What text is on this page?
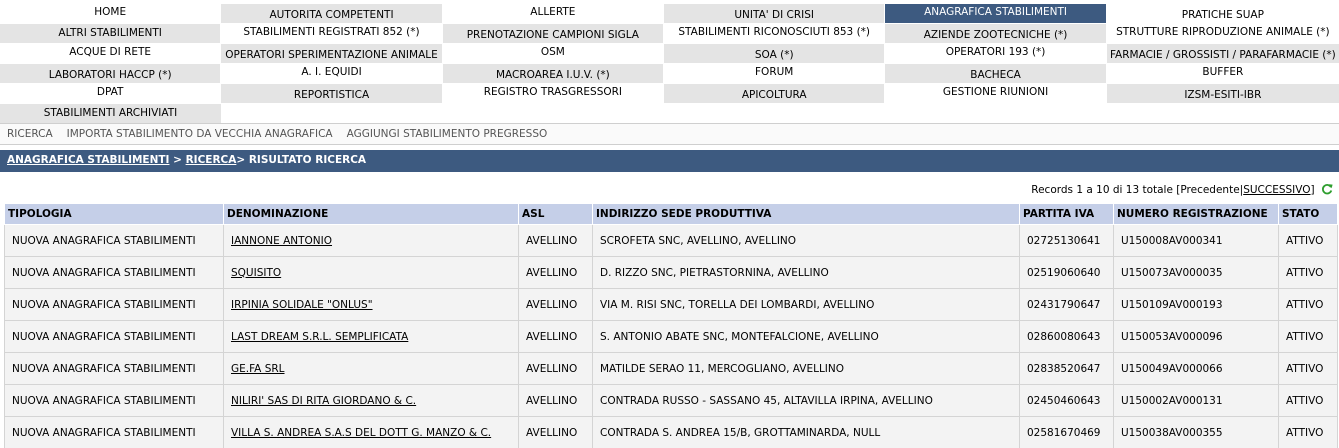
HOME	AUTORITA COMPETENTI	ALLERTE	UNITA' DI CRISI	ANAGRAFICA STABILIMENTI	PRATICHE SUAP
ALTRI STABILIMENTI	STABILIMENTI REGISTRATI 852 (*)	PRENOTAZIONE CAMPIONI SIGLA	STABILIMENTI RICONOSCIUTI 853 (*)	AZIENDE ZOOTECNICHE (*)	STRUTTURE RIPRODUZIONE ANIMALE (*)
ACQUE DI RETE	OPERATORI SPERIMENTAZIONE ANIMALE	OSM	SOA (*)	OPERATORI 193 (*)	FARMACIE / GROSSISTI / PARAFARMACIE (*)
LABORATORI HACCP (*)	A. I. EQUIDI	MACROAREA I.U.V. (*)	FORUM	BACHECA	BUFFER
DPAT	REPORTISTICA	REGISTRO TRASGRESSORI	APICOLTURA	GESTIONE RIUNIONI	IZSM-ESITI-IBR
STABILIMENTI ARCHIVIATI
RICERCA IMPORTA STABILIMENTO DA VECCHIA ANAGRAFICA AGGIUNGI STABILIMENTO PREGRESSO
ANAGRAFICA STABILIMENTI > RICERCA> RISULTATO RICERCA
Records 1 a 10 di 13 totale [Precedente|SUCCESSIVO]
TIPOLOGIA	DENOMINAZIONE	ASL	INDIRIZZO SEDE PRODUTTIVA	PARTITA IVA	NUMERO REGISTRAZIONE	STATO
NUOVA ANAGRAFICA STABILIMENTI	IANNONE ANTONIO	AVELLINO	SCROFETA SNC, AVELLINO, AVELLINO	02725130641	U150008AV000341	ATTIVO
NUOVA ANAGRAFICA STABILIMENTI	SQUISITO	AVELLINO	D. RIZZO SNC, PIETRASTORNINA, AVELLINO	02519060640	U150073AV000035	ATTIVO
NUOVA ANAGRAFICA STABILIMENTI	IRPINIA SOLIDALE "ONLUS"	AVELLINO	VIA M. RISI SNC, TORELLA DEI LOMBARDI, AVELLINO	02431790647	U150109AV000193	ATTIVO
NUOVA ANAGRAFICA STABILIMENTI	LAST DREAM S.R.L. SEMPLIFICATA	AVELLINO	S. ANTONIO ABATE SNC, MONTEFALCIONE, AVELLINO	02860080643	U150053AV000096	ATTIVO
NUOVA ANAGRAFICA STABILIMENTI	GE.FA SRL	AVELLINO	MATILDE SERAO 11, MERCOGLIANO, AVELLINO	02838520647	U150049AV000066	ATTIVO
NUOVA ANAGRAFICA STABILIMENTI	NILIRI' SAS DI RITA GIORDANO & C.	AVELLINO	CONTRADA RUSSO - SASSANO 45, ALTAVILLA IRPINA, AVELLINO	02450460643	U150002AV000131	ATTIVO
NUOVA ANAGRAFICA STABILIMENTI	VILLA S. ANDREA S.A.S DEL DOTT G. MANZO & C.	AVELLINO	CONTRADA S. ANDREA 15/B, GROTTAMINARDA, NULL	02581670469	U150038AV000355	ATTIVO
